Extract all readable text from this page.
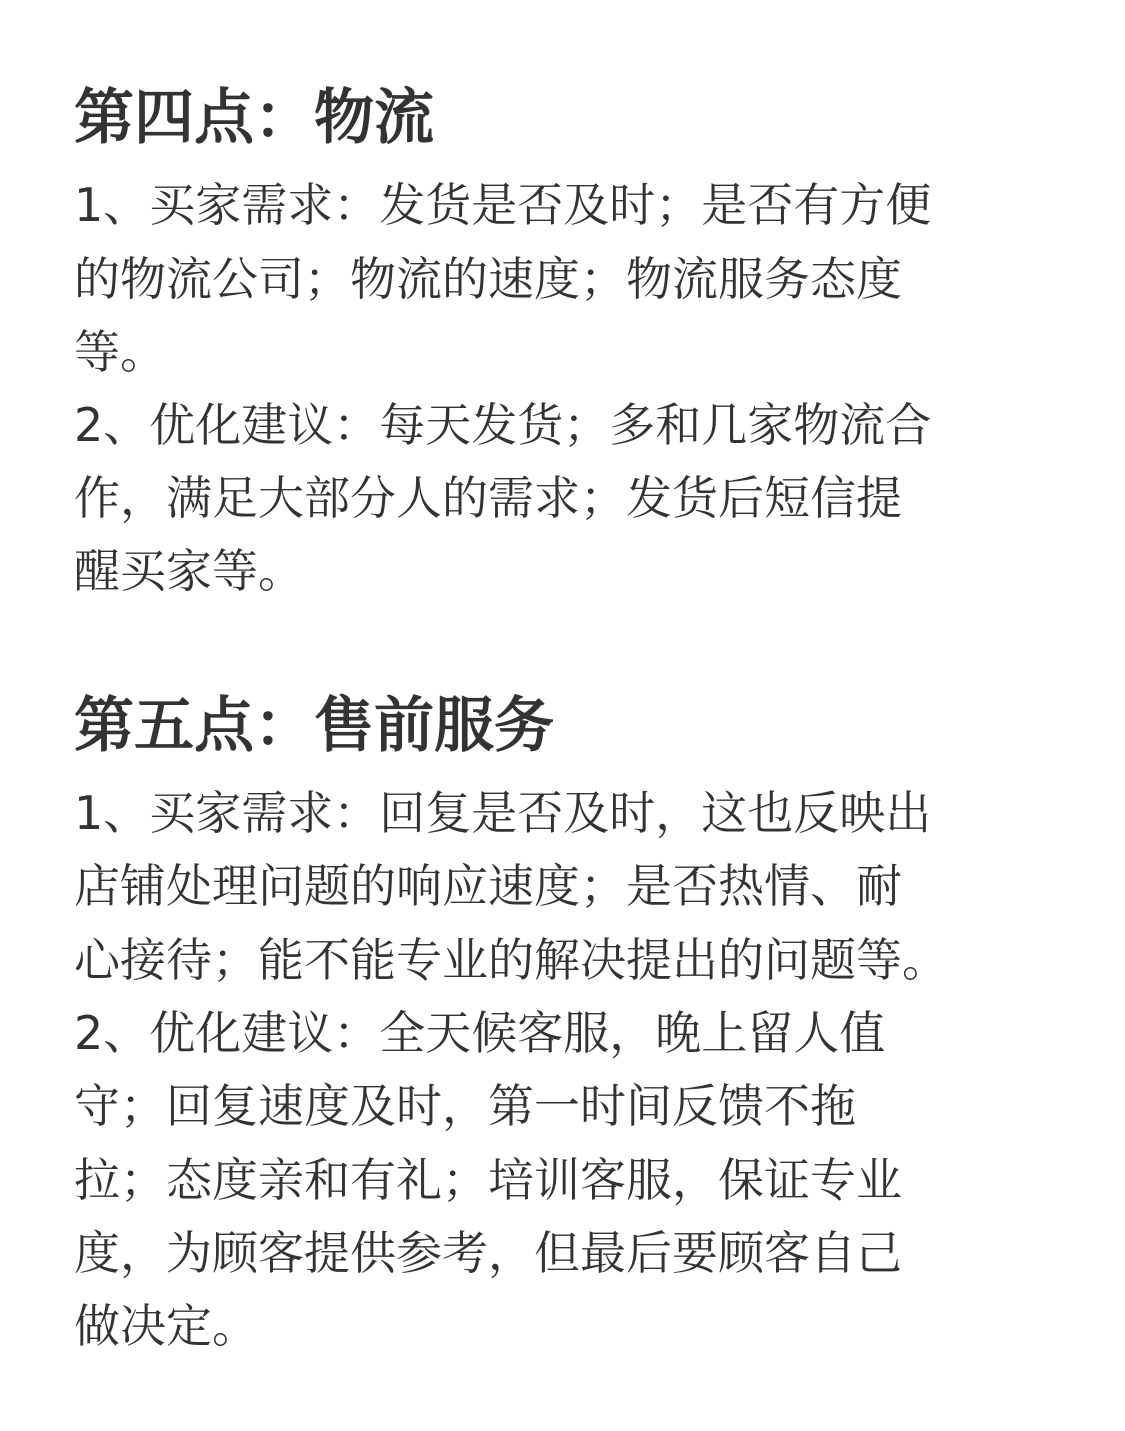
第四点：物流
1、买家需求：发货是否及时；是否有方便
的物流公司；物流的速度；物流服务态度
等。
2、优化建议：每天发货；多和几家物流合
作，满足大部分人的需求；发货后短信提
醒买家等。
第五点：售前服务
1、买家需求：回复是否及时，这也反映出
店铺处理问题的响应速度；是否热情、耐
心接待；能不能专业的解决提出的问题等。
2、优化建议：全天候客服，晚上留人值
守；回复速度及时，第一时间反馈不拖
拉；态度亲和有礼；培训客服，保证专业
度，为顾客提供参考，但最后要顾客自己
做决定。
